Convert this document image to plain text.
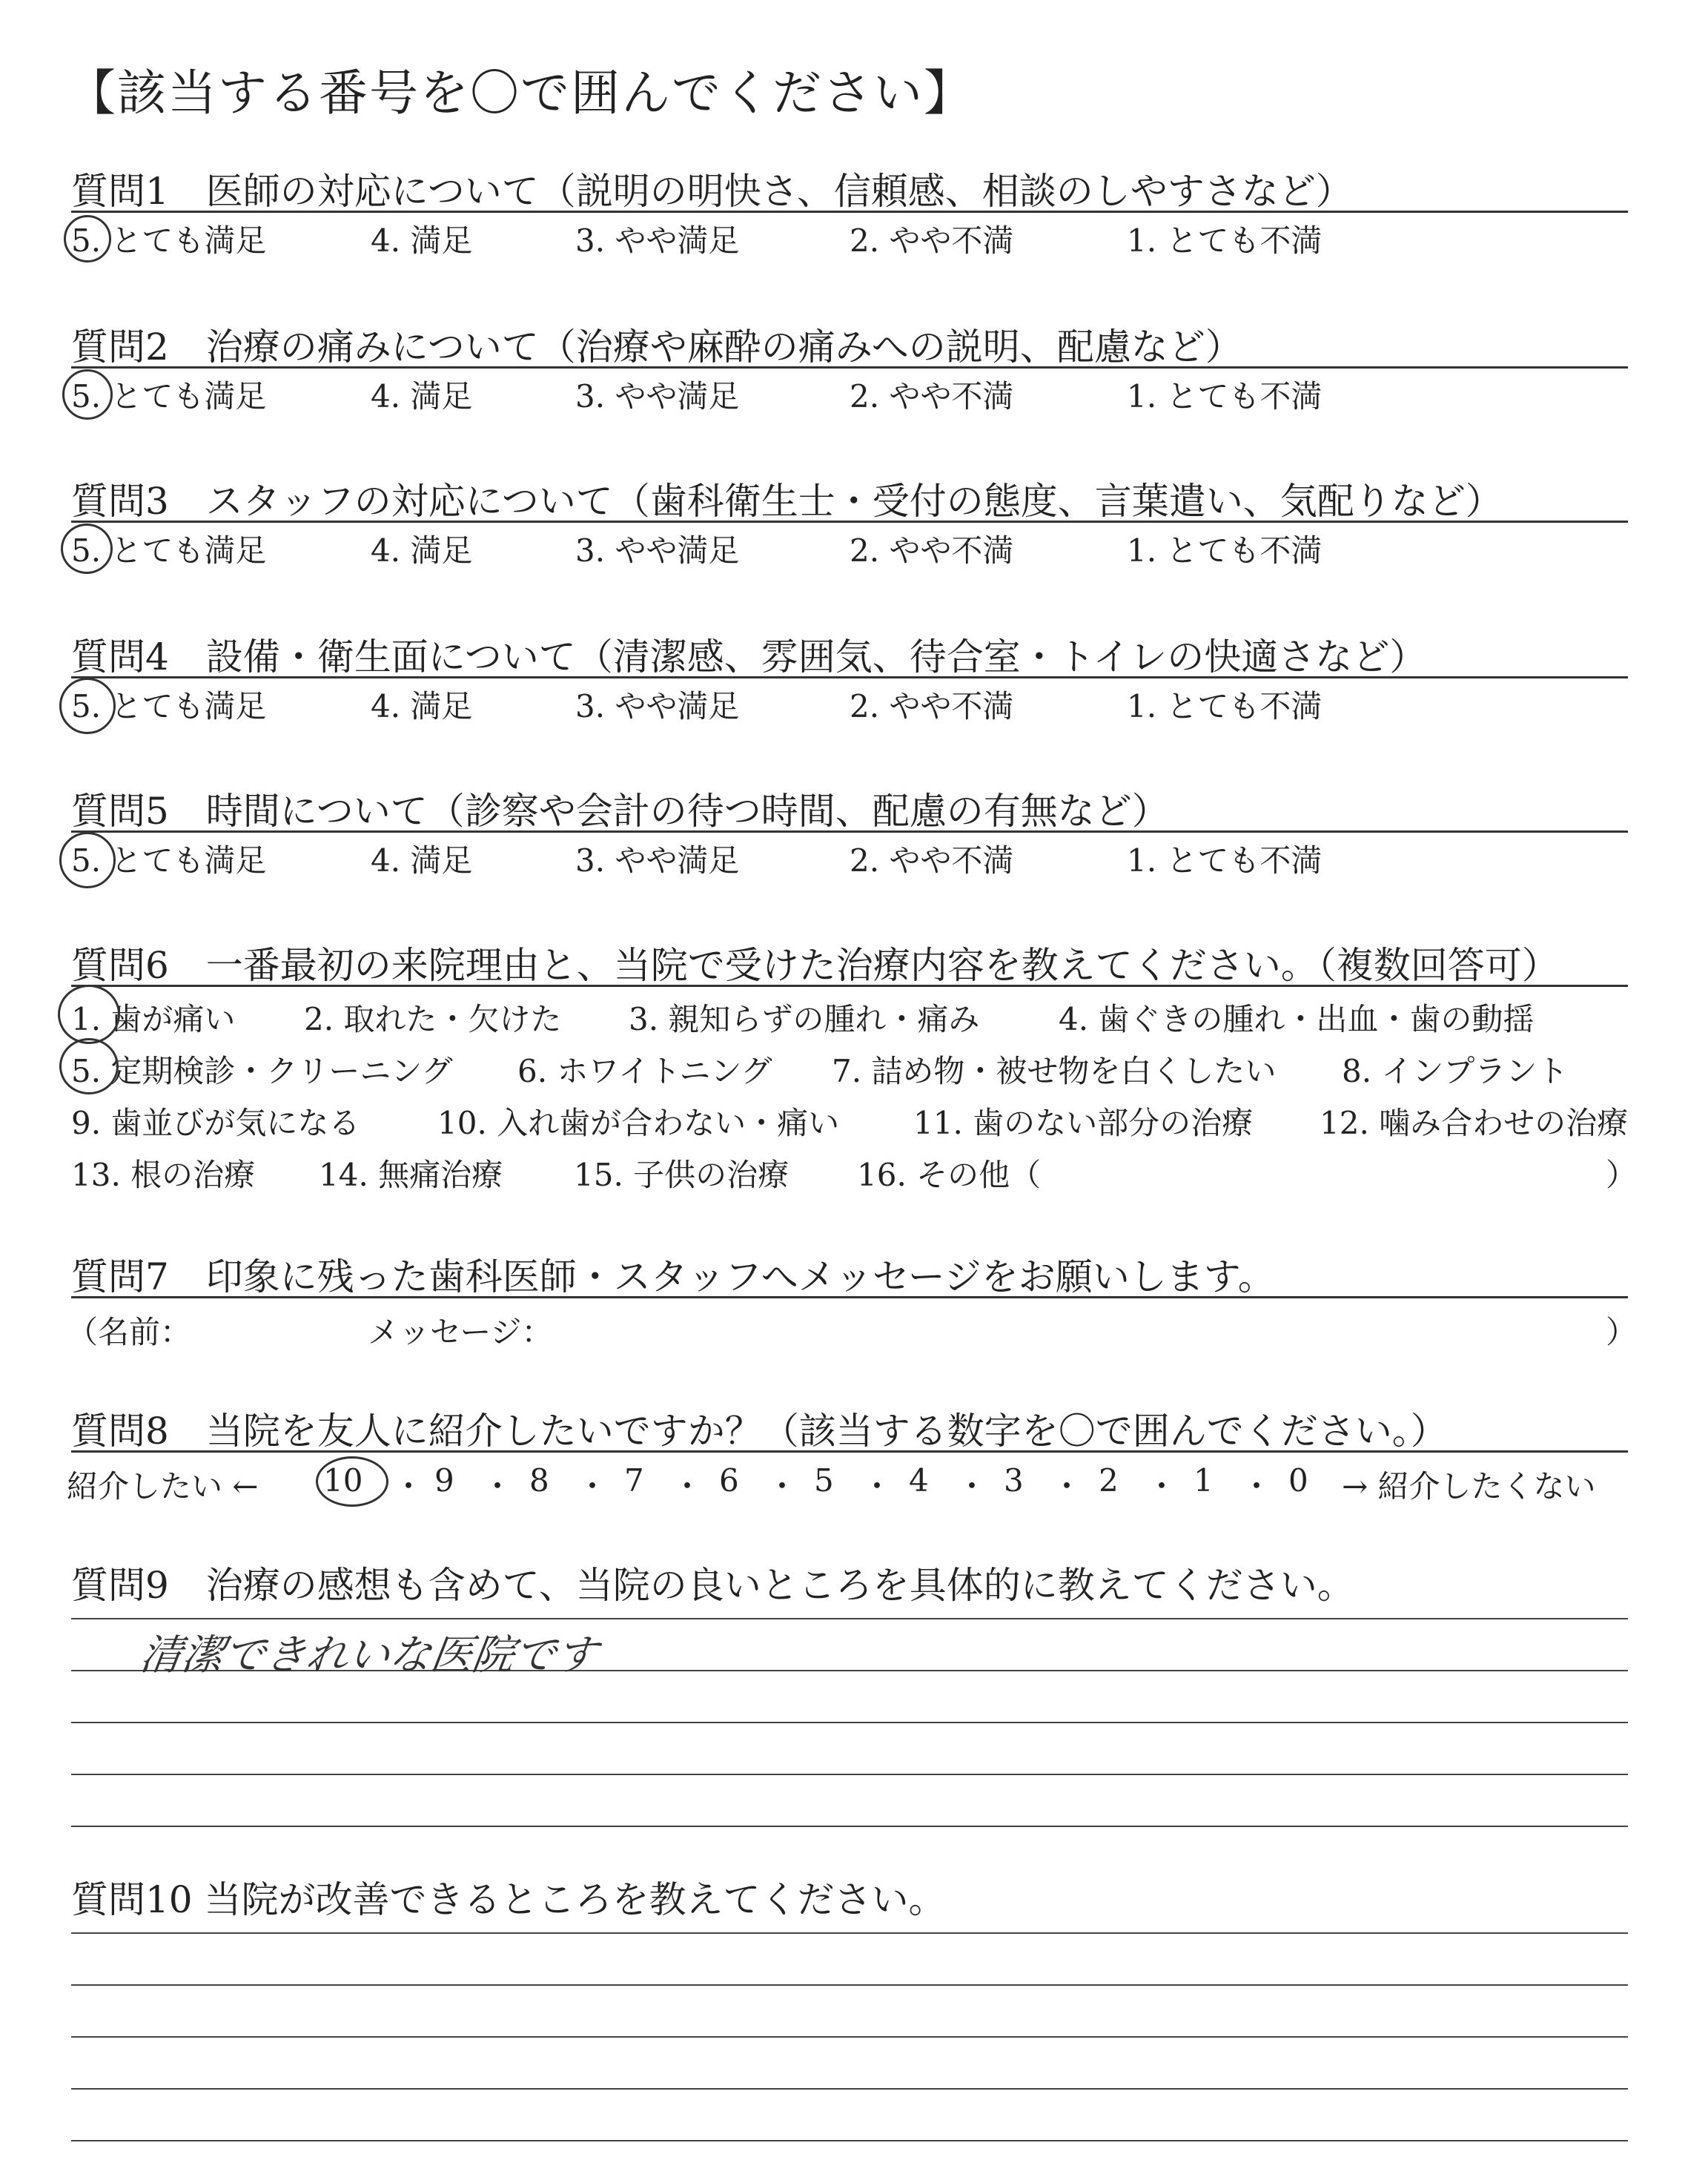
【該当する番号を〇で囲んでください】
質問1　医師の対応について（説明の明快さ、信頼感、相談のしやすさなど）
5. とても満足	4. 満足	3. やや満足	2. やや不満	1. とても不満
質問2　治療の痛みについて（治療や麻酔の痛みへの説明、配慮など）
5. とても満足	4. 満足	3. やや満足	2. やや不満	1. とても不満
質問3　スタッフの対応について（歯科衛生士・受付の態度、言葉遣い、気配りなど）
5. とても満足	4. 満足	3. やや満足	2. やや不満	1. とても不満
質問4　設備・衛生面について（清潔感、雰囲気、待合室・トイレの快適さなど）
5. とても満足	4. 満足	3. やや満足	2. やや不満	1. とても不満
質問5　時間について（診察や会計の待つ時間、配慮の有無など）
5. とても満足	4. 満足	3. やや満足	2. やや不満	1. とても不満
質問6　一番最初の来院理由と、当院で受けた治療内容を教えてください。（複数回答可）
1. 歯が痛い 2. 取れた・欠けた 3. 親知らずの腫れ・痛み	4. 歯ぐきの腫れ・出血・歯の動揺
5. 定期検診・クリーニング 6. ホワイトニング 7. 詰め物・被せ物を白くしたい 8. インプラント
9. 歯並びが気になる 10. 入れ歯が合わない・痛い 11. 歯のない部分の治療 12. 噛み合わせの治療
13. 根の治療 14. 無痛治療 15. 子供の治療 16. その他（	）
質問7　印象に残った歯科医師・スタッフへメッセージをお願いします。
（名前：	メッセージ：	）
質問8　当院を友人に紹介したいですか？（該当する数字を〇で囲んでください。）
紹介したい ← 10 ・ 9 ・ 8 ・ 7 ・ 6 ・ 5 ・ 4 ・ 3 ・ 2 ・ 1 ・ 0 → 紹介したくない
質問9　治療の感想も含めて、当院の良いところを具体的に教えてください。
清潔できれいな医院です
質問10 当院が改善できるところを教えてください。
